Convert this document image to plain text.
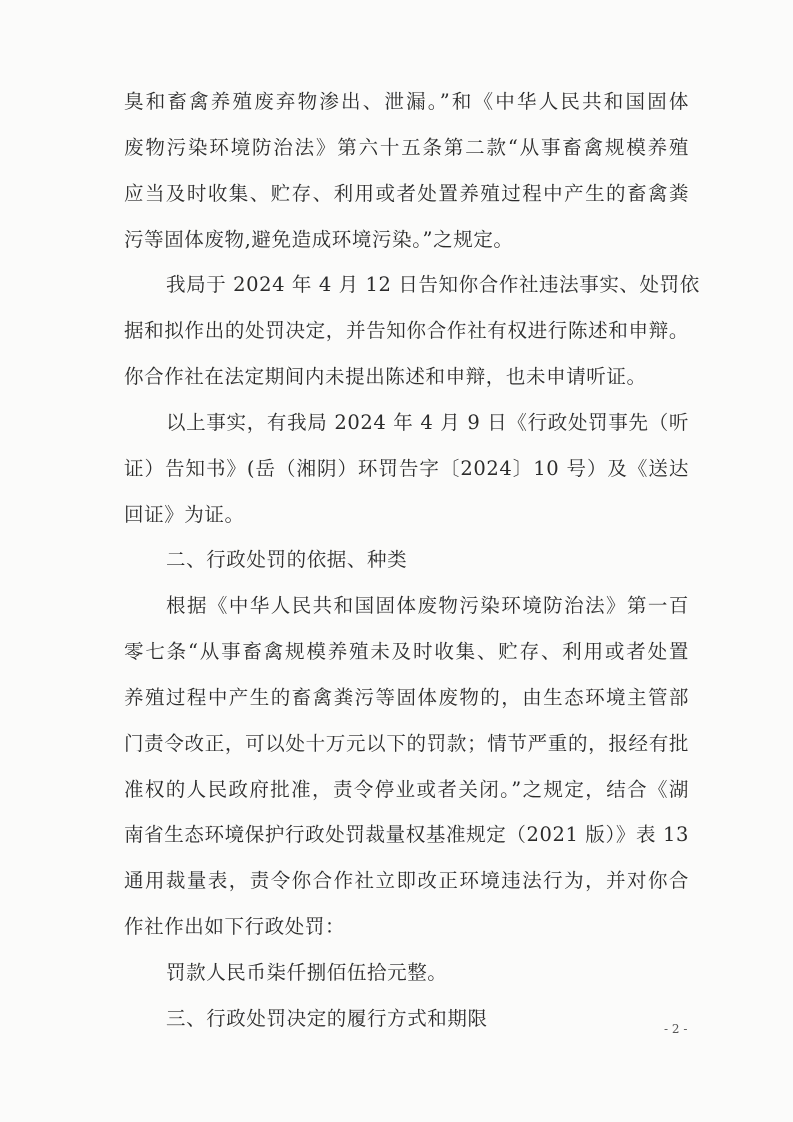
臭和畜禽养殖废弃物渗出、泄漏。”和《中华人民共和国固体
废物污染环境防治法》第六十五条第二款“从事畜禽规模养殖
应当及时收集、贮存、利用或者处置养殖过程中产生的畜禽粪
污等固体废物,避免造成环境污染。”之规定。
我局于 2024 年 4 月 12 日告知你合作社违法事实、处罚依
据和拟作出的处罚决定，并告知你合作社有权进行陈述和申辩。
你合作社在法定期间内未提出陈述和申辩，也未申请听证。
以上事实，有我局 2024 年 4 月 9 日《行政处罚事先（听
证）告知书》(岳（湘阴）环罚告字〔2024〕10 号）及《送达
回证》为证。
二、行政处罚的依据、种类
根据《中华人民共和国固体废物污染环境防治法》第一百
零七条“从事畜禽规模养殖未及时收集、贮存、利用或者处置
养殖过程中产生的畜禽粪污等固体废物的，由生态环境主管部
门责令改正，可以处十万元以下的罚款；情节严重的，报经有批
准权的人民政府批准，责令停业或者关闭。”之规定，结合《湖
南省生态环境保护行政处罚裁量权基准规定（2021 版）》表 13
通用裁量表，责令你合作社立即改正环境违法行为，并对你合
作社作出如下行政处罚：
罚款人民币柒仟捌佰伍拾元整。
三、行政处罚决定的履行方式和期限	- 2 -
